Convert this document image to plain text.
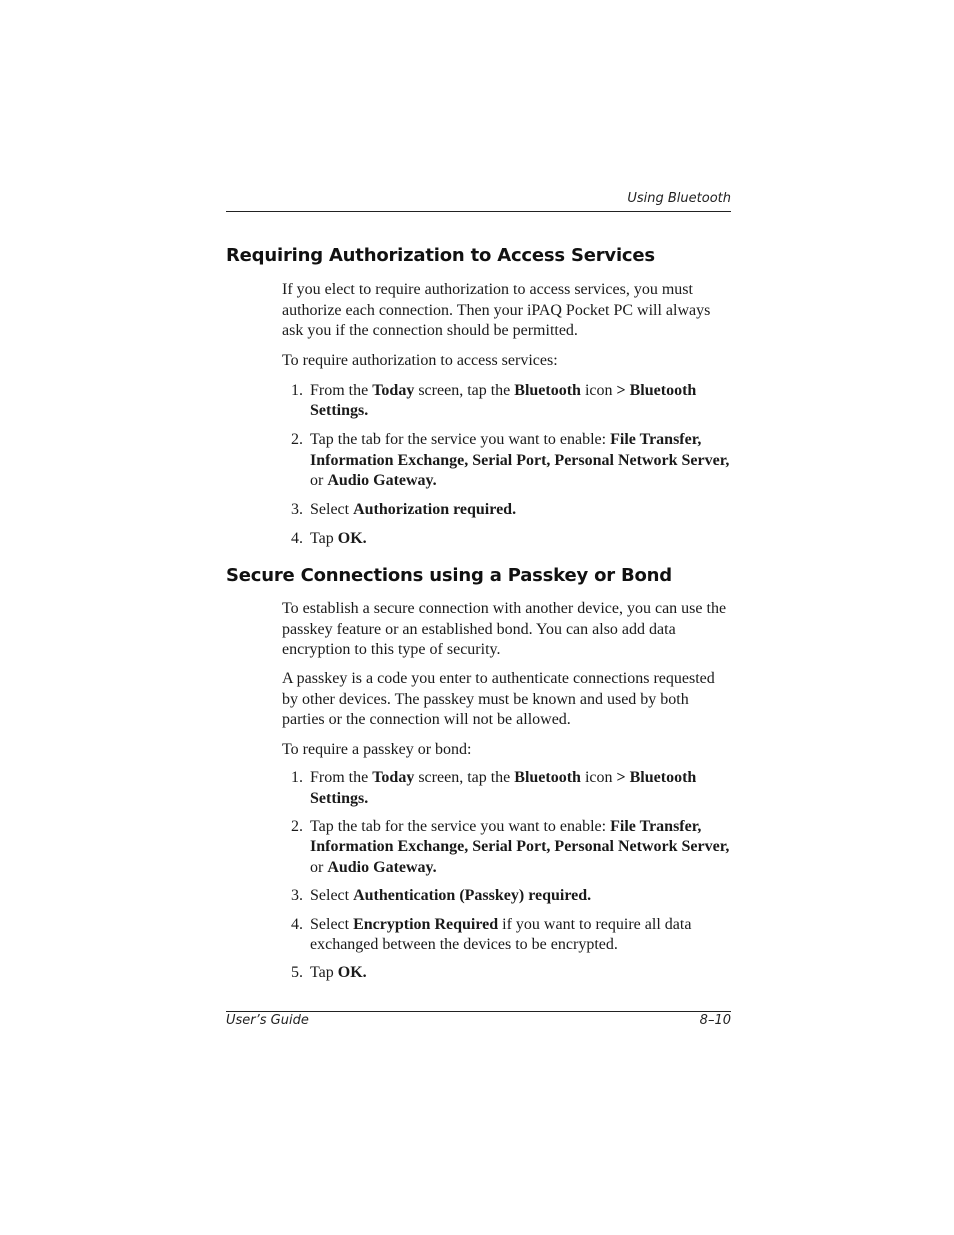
Using Bluetooth
Requiring Authorization to Access Services

If you elect to require authorization to access services, you must authorize each connection. Then your iPAQ Pocket PC will always ask you if the connection should be permitted.

To require authorization to access services:

1. From the Today screen, tap the Bluetooth icon > Bluetooth Settings.
2. Tap the tab for the service you want to enable: File Transfer, Information Exchange, Serial Port, Personal Network Server, or Audio Gateway.
3. Select Authorization required.
4. Tap OK.
Secure Connections using a Passkey or Bond

To establish a secure connection with another device, you can use the passkey feature or an established bond. You can also add data encryption to this type of security.

A passkey is a code you enter to authenticate connections requested by other devices. The passkey must be known and used by both parties or the connection will not be allowed.

To require a passkey or bond:

1. From the Today screen, tap the Bluetooth icon > Bluetooth Settings.
2. Tap the tab for the service you want to enable: File Transfer, Information Exchange, Serial Port, Personal Network Server, or Audio Gateway.
3. Select Authentication (Passkey) required.
4. Select Encryption Required if you want to require all data exchanged between the devices to be encrypted.
5. Tap OK.
User’s Guide	8–10
